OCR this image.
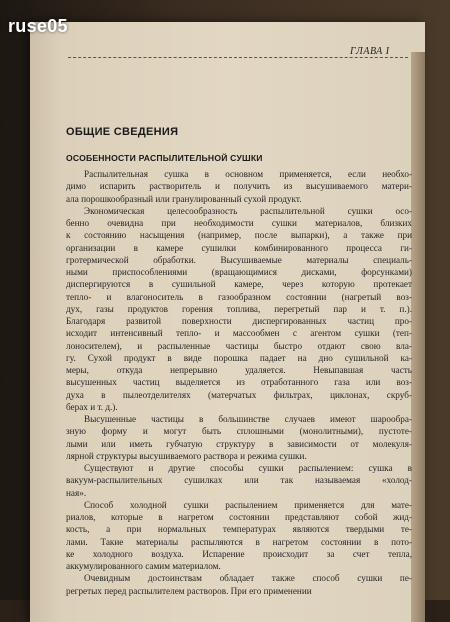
ruse05
ГЛАВА I
ОБЩИЕ СВЕДЕНИЯ
ОСОБЕННОСТИ РАСПЫЛИТЕЛЬНОЙ СУШКИ
Распылительная сушка в основном применяется, если необхо-
димо испарить растворитель и получить из высушиваемого матери-
ала порошкообразный или гранулированный сухой продукт.
Экономическая целесообразность распылительной сушки осо-
бенно очевидна при необходимости сушки материалов, близких
к состоянию насыщения (например, после выпарки), а также при
организации в камере сушилки комбинированного процесса ги-
гротермической обработки. Высушиваемые материалы специаль-
ными приспособлениями (вращающимися дисками, форсунками)
диспергируются в сушильной камере, через которую протекает
тепло- и влагоноситель в газообразном состоянии (нагретый воз-
дух, газы продуктов горения топлива, перегретый пар и т. п.).
Благодаря развитой поверхности диспергированных частиц про-
исходит интенсивный тепло- и массообмен с агентом сушки (теп-
лоносителем), и распыленные частицы быстро отдают свою вла-
гу. Сухой продукт в виде порошка падает на дно сушильной ка-
меры, откуда непрерывно удаляется. Невыпавшая часть
высушенных частиц выделяется из отработанного газа или воз-
духа в пылеотделителях (матерчатых фильтрах, циклонах, скруб-
берах и т. д.).
Высушенные частицы в большинстве случаев имеют шарообра-
зную форму и могут быть сплошными (монолитными), пустоте-
лыми или иметь губчатую структуру в зависимости от молекуля-
лярной структуры высушиваемого раствора и режима сушки.
Существуют и другие способы сушки распылением: сушка в
вакуум-распылительных сушилках или так называемая «холод-
ная».
Способ холодной сушки распылением применяется для мате-
риалов, которые в нагретом состоянии представляют собой жид-
кость, а при нормальных температурах являются твердыми те-
лами. Такие материалы распыляются в нагретом состоянии в пото-
ке холодного воздуха. Испарение происходит за счет тепла,
аккумулированного самим материалом.
Очевидным достоинствам обладает также способ сушки пе-
регретых перед распылителем растворов. При его применении
